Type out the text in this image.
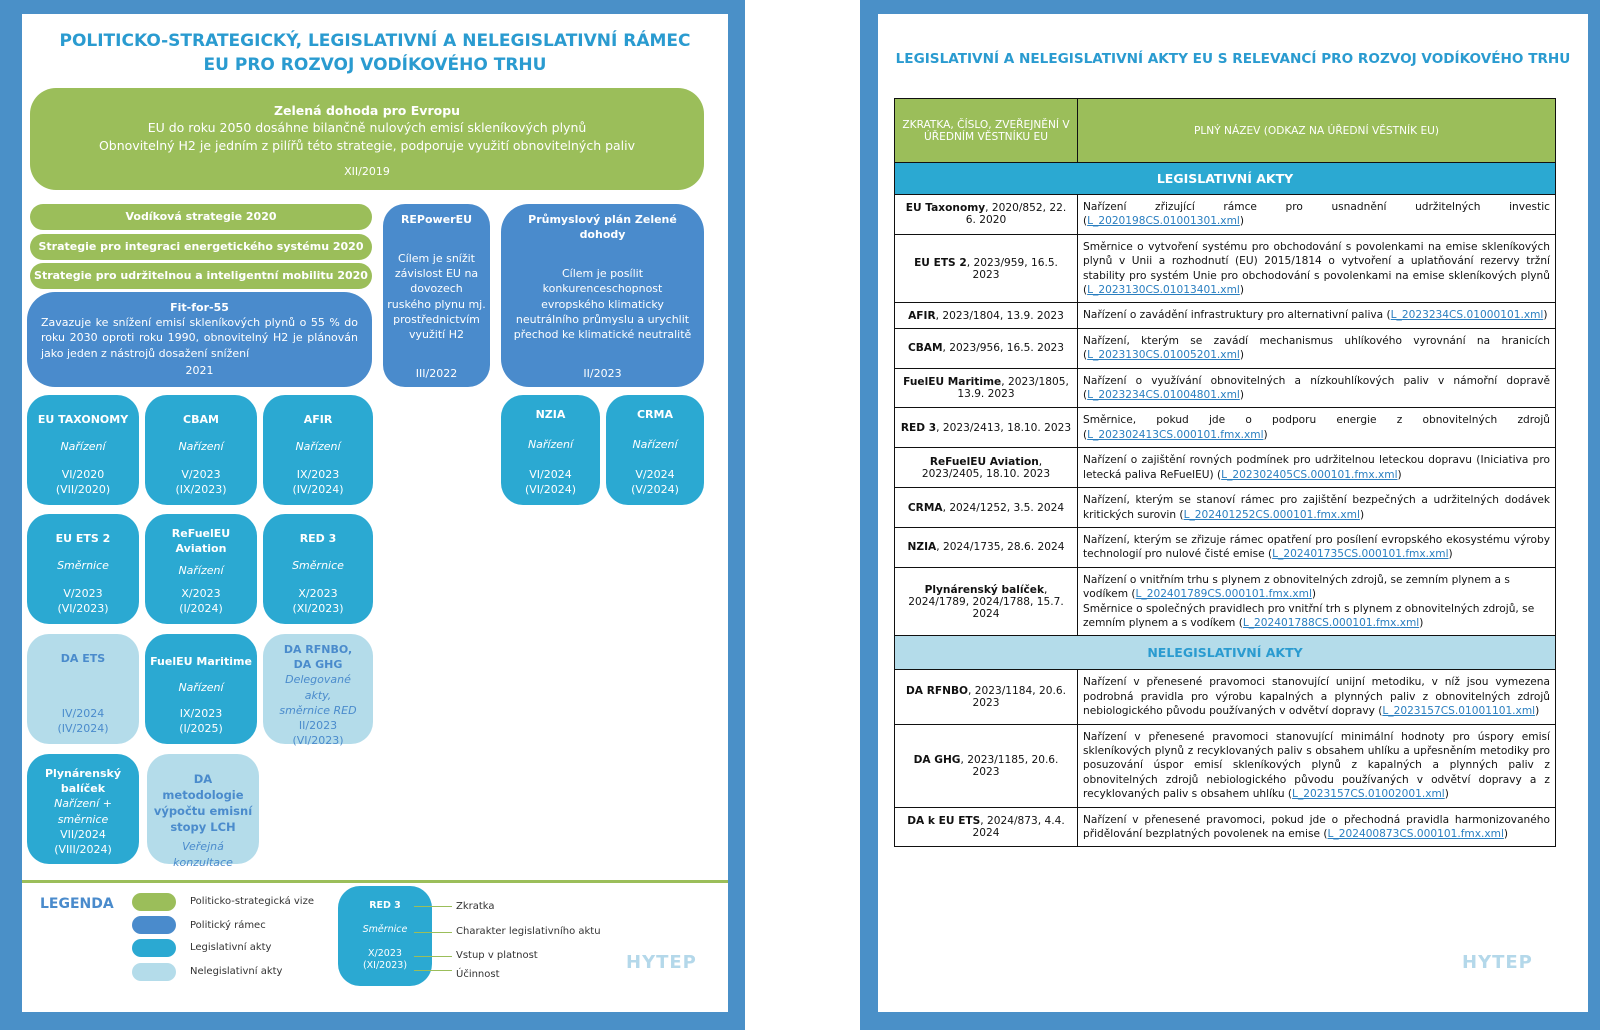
POLITICKO-STRATEGICKÝ, LEGISLATIVNÍ A NELEGISLATIVNÍ RÁMEC EU PRO ROZVOJ VODÍKOVÉHO TRHU
Zelená dohoda pro Evropu
EU do roku 2050 dosáhne bilančně nulových emisí skleníkových plynů
Obnovitelný H2 je jedním z pilířů této strategie, podporuje využití obnovitelných paliv
XII/2019
Vodíková strategie 2020
Strategie pro integraci energetického systému 2020
Strategie pro udržitelnou a inteligentní mobilitu 2020
Fit-for-55
Zavazuje ke snížení emisí skleníkových plynů o 55 % do roku 2030 oproti roku 1990, obnovitelný H2 je plánován jako jeden z nástrojů dosažení snížení
2021
REPowerEU
Cílem je snížit závislost EU na dovozech ruského plynu mj. prostřednictvím využití H2
III/2022
Průmyslový plán Zelené dohody
Cílem je posílit konkurenceschopnost evropského klimaticky neutrálního průmyslu a urychlit přechod ke klimatické neutralitě
II/2023
EU TAXONOMY
Nařízení
VI/2020
(VII/2020)
CBAM
Nařízení
V/2023
(IX/2023)
AFIR
Nařízení
IX/2023
(IV/2024)
NZIA
Nařízení
VI/2024
(VI/2024)
CRMA
Nařízení
V/2024
(V/2024)
EU ETS 2
Směrnice
V/2023
(VI/2023)
ReFuelEU Aviation
Nařízení
X/2023
(I/2024)
RED 3
Směrnice
X/2023
(XI/2023)
DA ETS
IV/2024
(IV/2024)
FuelEU Maritime
Nařízení
IX/2023
(I/2025)
DA RFNBO, DA GHG
Delegované akty, směrnice RED
II/2023
(VI/2023)
Plynárenský balíček
Nařízení + směrnice
VII/2024
(VIII/2024)
DA metodologie výpočtu emisní stopy LCH
Veřejná konzultace
LEGENDA	Politicko-strategická vize
Politický rámec
Legislativní akty
Nelegislativní akty
RED 3
Směrnice
X/2023
(XI/2023)
Zkratka
Charakter legislativního aktu
Vstup v platnost
Účinnost
HYTEP
LEGISLATIVNÍ A NELEGISLATIVNÍ AKTY EU S RELEVANCÍ PRO ROZVOJ VODÍKOVÉHO TRHU
ZKRATKA, ČÍSLO, ZVEŘEJNĚNÍ V ÚŘEDNÍM VĚSTNÍKU EU	PLNÝ NÁZEV (ODKAZ NA ÚŘEDNÍ VĚSTNÍK EU)
LEGISLATIVNÍ AKTY	
EU Taxonomy, 2020/852, 22. 6. 2020	Nařízení zřizující rámce pro usnadnění udržitelných investic (L_2020198CS.01001301.xml)
EU ETS 2, 2023/959, 16.5. 2023	Směrnice o vytvoření systému pro obchodování s povolenkami na emise skleníkových plynů v Unii a rozhodnutí (EU) 2015/1814 o vytvoření a uplatňování rezervy tržní stability pro systém Unie pro obchodování s povolenkami na emise skleníkových plynů (L_2023130CS.01013401.xml)
AFIR, 2023/1804, 13.9. 2023	Nařízení o zavádění infrastruktury pro alternativní paliva (L_2023234CS.01000101.xml)
CBAM, 2023/956, 16.5. 2023	Nařízení, kterým se zavádí mechanismus uhlíkového vyrovnání na hranicích (L_2023130CS.01005201.xml)
FuelEU Maritime, 2023/1805, 13.9. 2023	Nařízení o využívání obnovitelných a nízkouhlíkových paliv v námořní dopravě (L_2023234CS.01004801.xml)
RED 3, 2023/2413, 18.10. 2023	Směrnice, pokud jde o podporu energie z obnovitelných zdrojů (L_202302413CS.000101.fmx.xml)
ReFuelEU Aviation, 2023/2405, 18.10. 2023	Nařízení o zajištění rovných podmínek pro udržitelnou leteckou dopravu (Iniciativa pro letecká paliva ReFuelEU) (L_202302405CS.000101.fmx.xml)
CRMA, 2024/1252, 3.5. 2024	Nařízení, kterým se stanoví rámec pro zajištění bezpečných a udržitelných dodávek kritických surovin (L_202401252CS.000101.fmx.xml)
NZIA, 2024/1735, 28.6. 2024	Nařízení, kterým se zřizuje rámec opatření pro posílení evropského ekosystému výroby technologií pro nulové čisté emise (L_202401735CS.000101.fmx.xml)
Plynárenský balíček, 2024/1789, 2024/1788, 15.7. 2024	Nařízení o vnitřním trhu s plynem z obnovitelných zdrojů, se zemním plynem a s vodíkem (L_202401789CS.000101.fmx.xml)
Směrnice o společných pravidlech pro vnitřní trh s plynem z obnovitelných zdrojů, se zemním plynem a s vodíkem (L_202401788CS.000101.fmx.xml)
NELEGISLATIVNÍ AKTY	
DA RFNBO, 2023/1184, 20.6. 2023	Nařízení v přenesené pravomoci stanovující unijní metodiku, v níž jsou vymezena podrobná pravidla pro výrobu kapalných a plynných paliv z obnovitelných zdrojů nebiologického původu používaných v odvětví dopravy (L_2023157CS.01001101.xml)
DA GHG, 2023/1185, 20.6. 2023	Nařízení v přenesené pravomoci stanovující minimální hodnoty pro úspory emisí skleníkových plynů z recyklovaných paliv s obsahem uhlíku a upřesněním metodiky pro posuzování úspor emisí skleníkových plynů z kapalných a plynných paliv z obnovitelných zdrojů nebiologického původu používaných v odvětví dopravy a z recyklovaných paliv s obsahem uhlíku (L_2023157CS.01002001.xml)
DA k EU ETS, 2024/873, 4.4. 2024	Nařízení v přenesené pravomoci, pokud jde o přechodná pravidla harmonizovaného přidělování bezplatných povolenek na emise (L_202400873CS.000101.fmx.xml)
HYTEP
